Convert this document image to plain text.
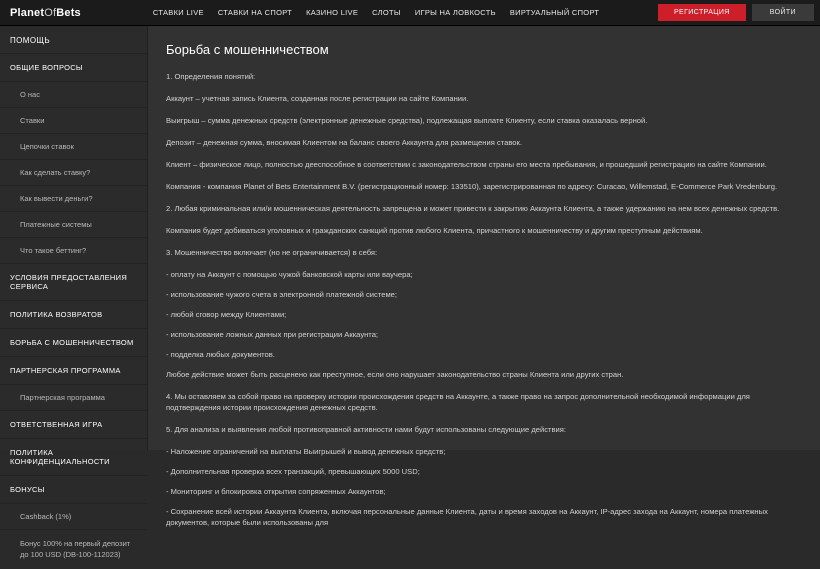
PlanetOfBets	СТАВКИ LIVE СТАВКИ НА СПОРТ КАЗИНО LIVE СЛОТЫ ИГРЫ НА ЛОВКОСТЬ ВИРТУАЛЬНЫЙ СПОРТ	РЕГИСТРАЦИЯ	ВОЙТИ
ПОМОЩЬ
ОБЩИЕ ВОПРОСЫ
О нас
Ставки
Цепочки ставок
Как сделать ставку?
Как вывести деньги?
Платежные системы
Что такое беттинг?
УСЛОВИЯ ПРЕДОСТАВЛЕНИЯ СЕРВИСА
ПОЛИТИКА ВОЗВРАТОВ
БОРЬБА С МОШЕННИЧЕСТВОМ
ПАРТНЕРСКАЯ ПРОГРАММА
Партнерская программа
ОТВЕТСТВЕННАЯ ИГРА
ПОЛИТИКА КОНФИДЕНЦИАЛЬНОСТИ
БОНУСЫ
Cashback (1%)
Бонус 100% на первый депозит до 100 USD (DB-100-112023)
Борьба с мошенничеством

1. Определения понятий:

Аккаунт – учетная запись Клиента, созданная после регистрации на сайте Компании.

Выигрыш – сумма денежных средств (электронные денежные средства), подлежащая выплате Клиенту, если ставка оказалась верной.

Депозит – денежная сумма, вносимая Клиентом на баланс своего Аккаунта для размещения ставок.

Клиент – физическое лицо, полностью дееспособное в соответствии с законодательством страны его места пребывания, и прошедший регистрацию на сайте Компании.

Компания - компания Planet of Bets Entertainment B.V. (регистрационный номер: 133510), зарегистрированная по адресу: Curacao, Willemstad, E-Commerce Park Vredenburg.

2. Любая криминальная или/и мошенническая деятельность запрещена и может привести к закрытию Аккаунта Клиента, а также удержанию на нем всех денежных средств.

Компания будет добиваться уголовных и гражданских санкций против любого Клиента, причастного к мошенничеству и другим преступным действиям.

3. Мошенничество включает (но не ограничивается) в себя:

- оплату на Аккаунт с помощью чужой банковской карты или ваучера;

- использование чужого счета в электронной платежной системе;

- любой сговор между Клиентами;

- использование ложных данных при регистрации Аккаунта;

- подделка любых документов.

Любое действие может быть расценено как преступное, если оно нарушает законодательство страны Клиента или других стран.

4. Мы оставляем за собой право на проверку истории происхождения средств на Аккаунте, а также право на запрос дополнительной необходимой информации для подтверждения истории происхождения денежных средств.

5. Для анализа и выявления любой противоправной активности нами будут использованы следующие действия:

- Наложение ограничений на выплаты Выигрышей и вывод денежных средств;

- Дополнительная проверка всех транзакций, превышающих 5000 USD;

- Мониторинг и блокировка открытия сопряженных Аккаунтов;

- Сохранение всей истории Аккаунта Клиента, включая персональные данные Клиента, даты и время заходов на Аккаунт, IP-адрес захода на Аккаунт, номера платежных документов, которые были использованы для
